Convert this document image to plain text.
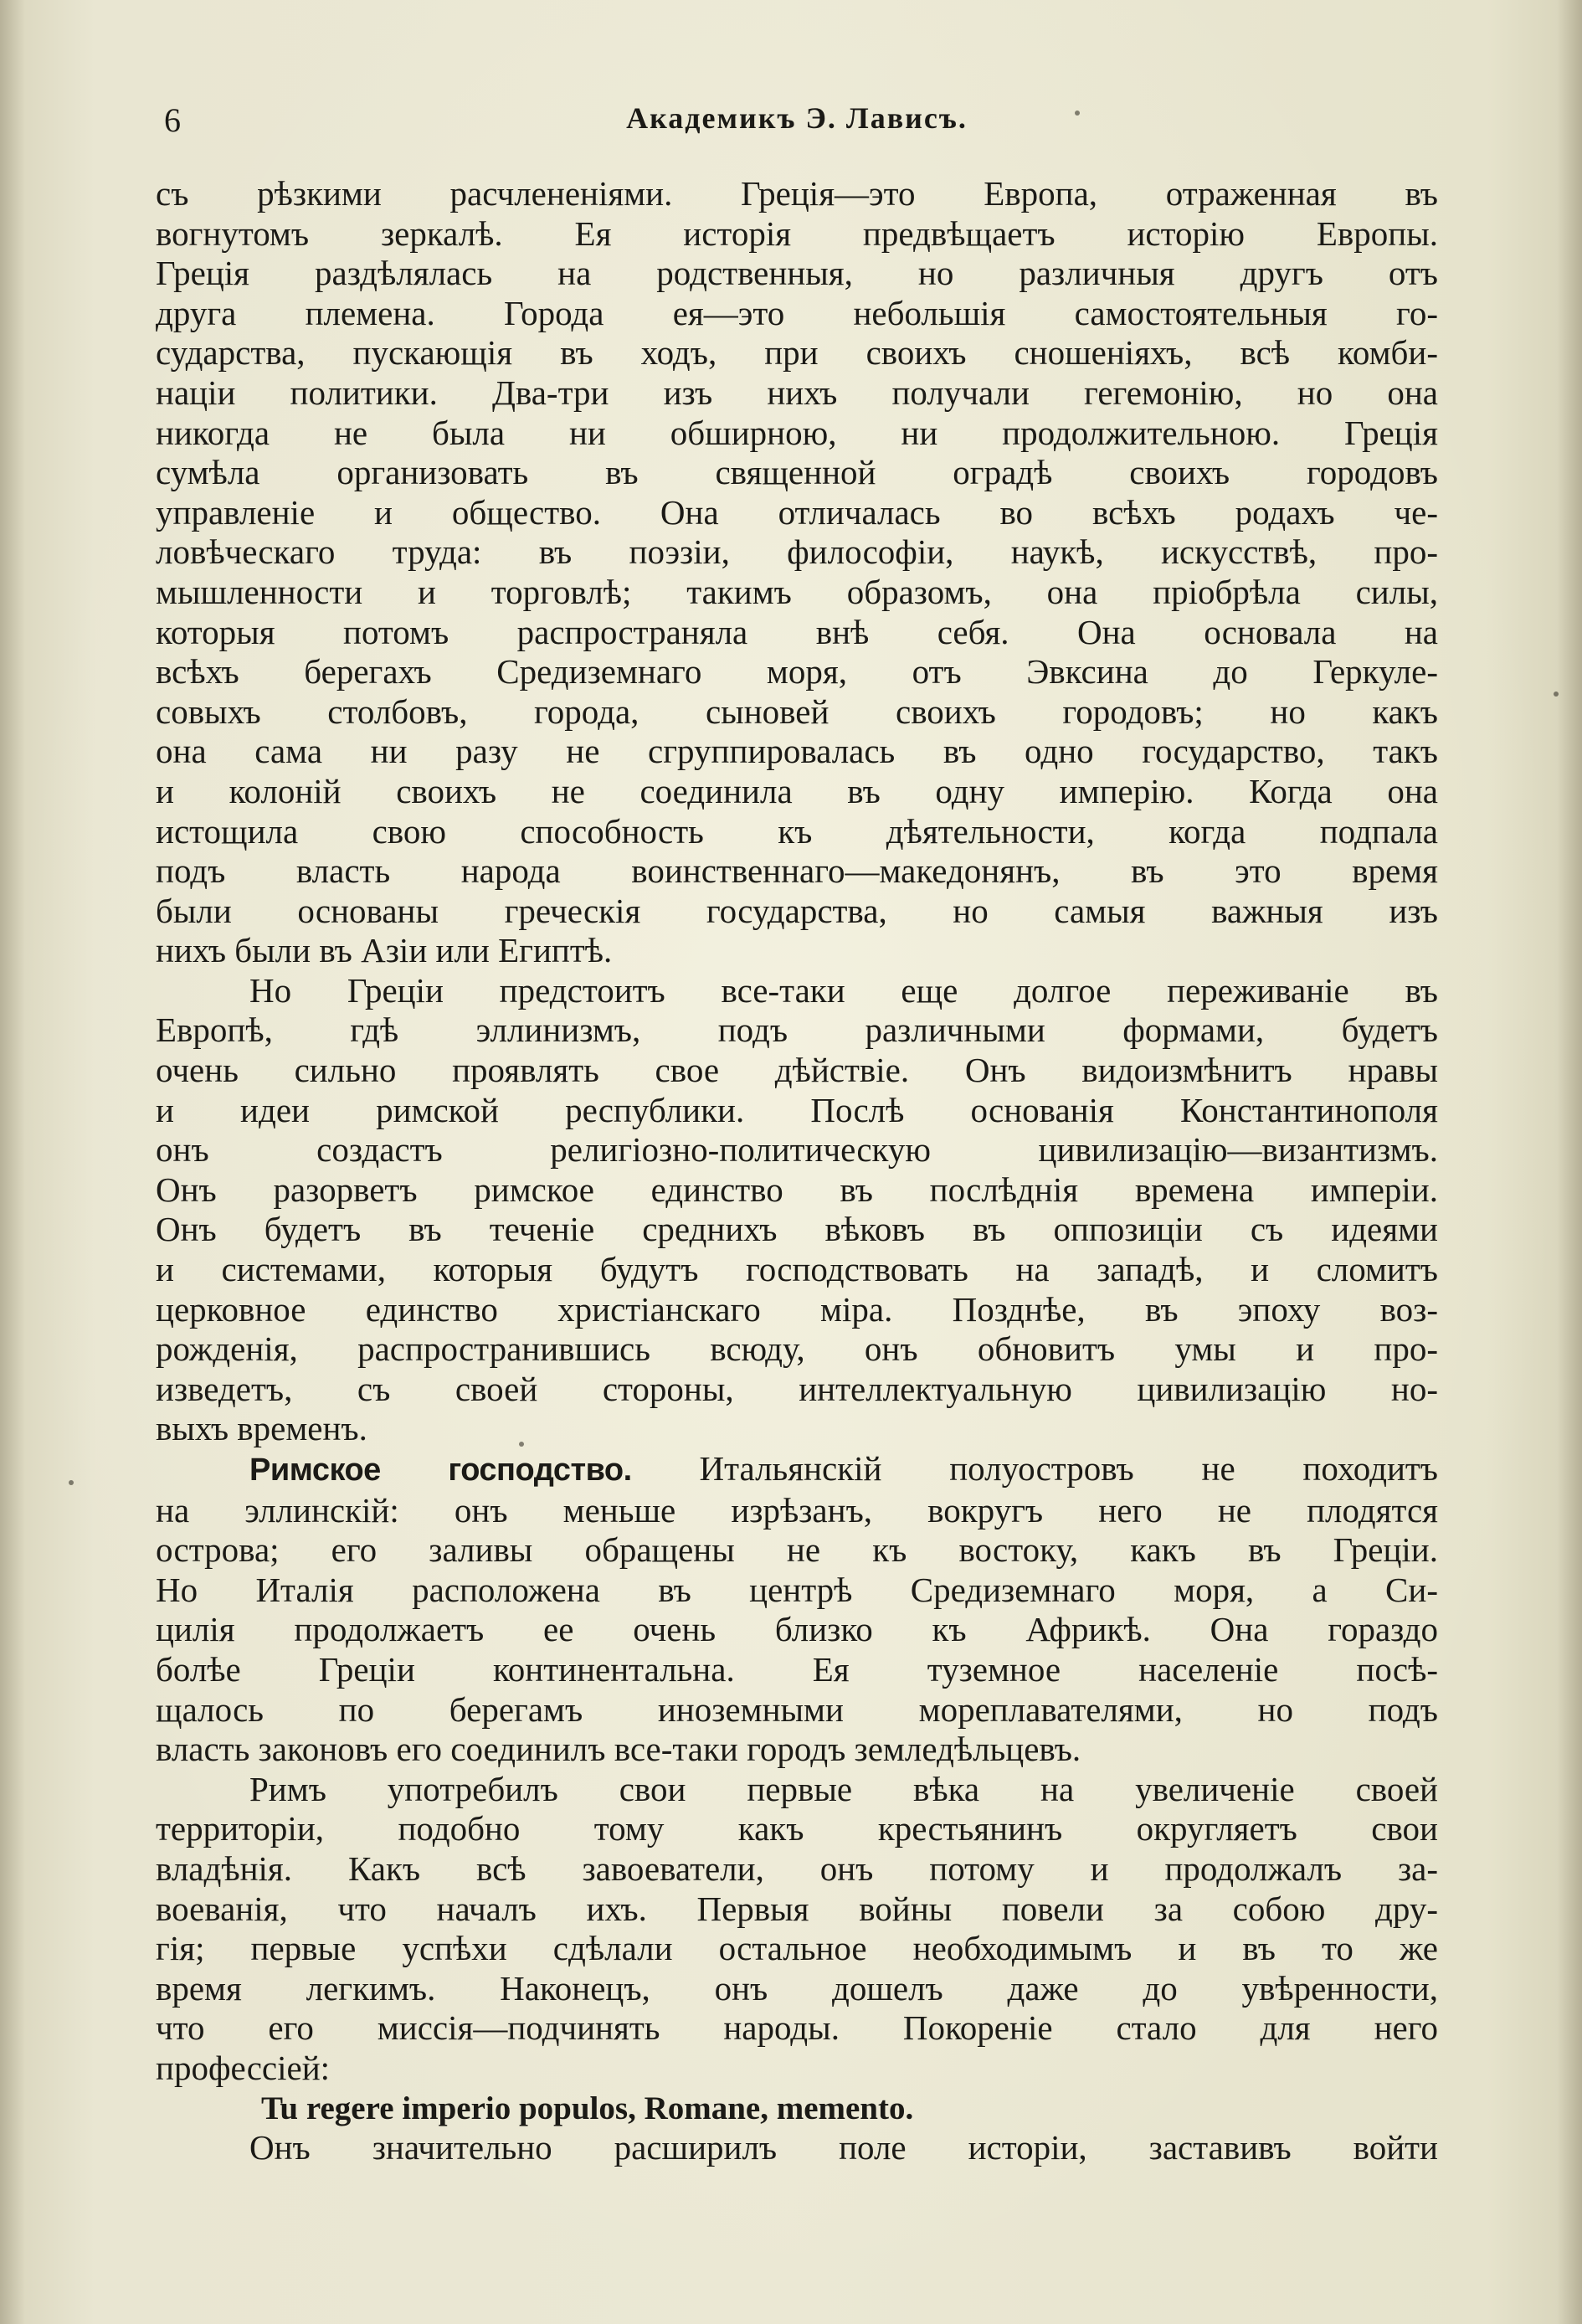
6	Академикъ Э. Лависъ.
съ рѣзкими расчлененіями. Греція—это Европа, отраженная въ
вогнутомъ зеркалѣ. Ея исторія предвѣщаетъ исторію Европы.
Греція раздѣлялась на родственныя, но различныя другъ отъ
друга племена. Города ея—это небольшія самостоятельныя го-
сударства, пускающія въ ходъ, при своихъ сношеніяхъ, всѣ комби-
націи политики. Два-три изъ нихъ получали гегемонію, но она
никогда не была ни обширною, ни продолжительною. Греція
сумѣла организовать въ священной оградѣ своихъ городовъ
управленіе и общество. Она отличалась во всѣхъ родахъ че-
ловѣческаго труда: въ поэзіи, философіи, наукѣ, искусствѣ, про-
мышленности и торговлѣ; такимъ образомъ, она пріобрѣла силы,
которыя потомъ распространяла внѣ себя. Она основала на
всѣхъ берегахъ Средиземнаго моря, отъ Эвксина до Геркуле-
совыхъ столбовъ, города, сыновей своихъ городовъ; но какъ
она сама ни разу не сгруппировалась въ одно государство, такъ
и колоній своихъ не соединила въ одну имперію. Когда она
истощила свою способность къ дѣятельности, когда подпала
подъ власть народа воинственнаго—македонянъ, въ это время
были основаны греческія государства, но самыя важныя изъ
нихъ были въ Азіи или Египтѣ.
Но Греціи предстоитъ все-таки еще долгое переживаніе въ
Европѣ, гдѣ эллинизмъ, подъ различными формами, будетъ
очень сильно проявлять свое дѣйствіе. Онъ видоизмѣнитъ нравы
и идеи римской республики. Послѣ основанія Константинополя
онъ создастъ религіозно-политическую цивилизацію—византизмъ.
Онъ разорветъ римское единство въ послѣднія времена имперіи.
Онъ будетъ въ теченіе среднихъ вѣковъ въ оппозиціи съ идеями
и системами, которыя будутъ господствовать на западѣ, и сломитъ
церковное единство христіанскаго міра. Позднѣе, въ эпоху воз-
рожденія, распространившись всюду, онъ обновитъ умы и про-
изведетъ, съ своей стороны, интеллектуальную цивилизацію но-
выхъ временъ.
Римское господство. Итальянскій полуостровъ не походитъ
на эллинскій: онъ меньше изрѣзанъ, вокругъ него не плодятся
острова; его заливы обращены не къ востоку, какъ въ Греціи.
Но Италія расположена въ центрѣ Средиземнаго моря, а Си-
цилія продолжаетъ ее очень близко къ Африкѣ. Она гораздо
болѣе Греціи континентальна. Ея туземное населеніе посѣ-
щалось по берегамъ иноземными мореплавателями, но подъ
власть законовъ его соединилъ все-таки городъ земледѣльцевъ.
Римъ употребилъ свои первые вѣка на увеличеніе своей
территоріи, подобно тому какъ крестьянинъ округляетъ свои
владѣнія. Какъ всѣ завоеватели, онъ потому и продолжалъ за-
воеванія, что началъ ихъ. Первыя войны повели за собою дру-
гія; первые успѣхи сдѣлали остальное необходимымъ и въ то же
время легкимъ. Наконецъ, онъ дошелъ даже до увѣренности,
что его миссія—подчинять народы. Покореніе стало для него
профессіей:
Tu regere imperio populos, Romane, memento.
Онъ значительно расширилъ поле исторіи, заставивъ войти
